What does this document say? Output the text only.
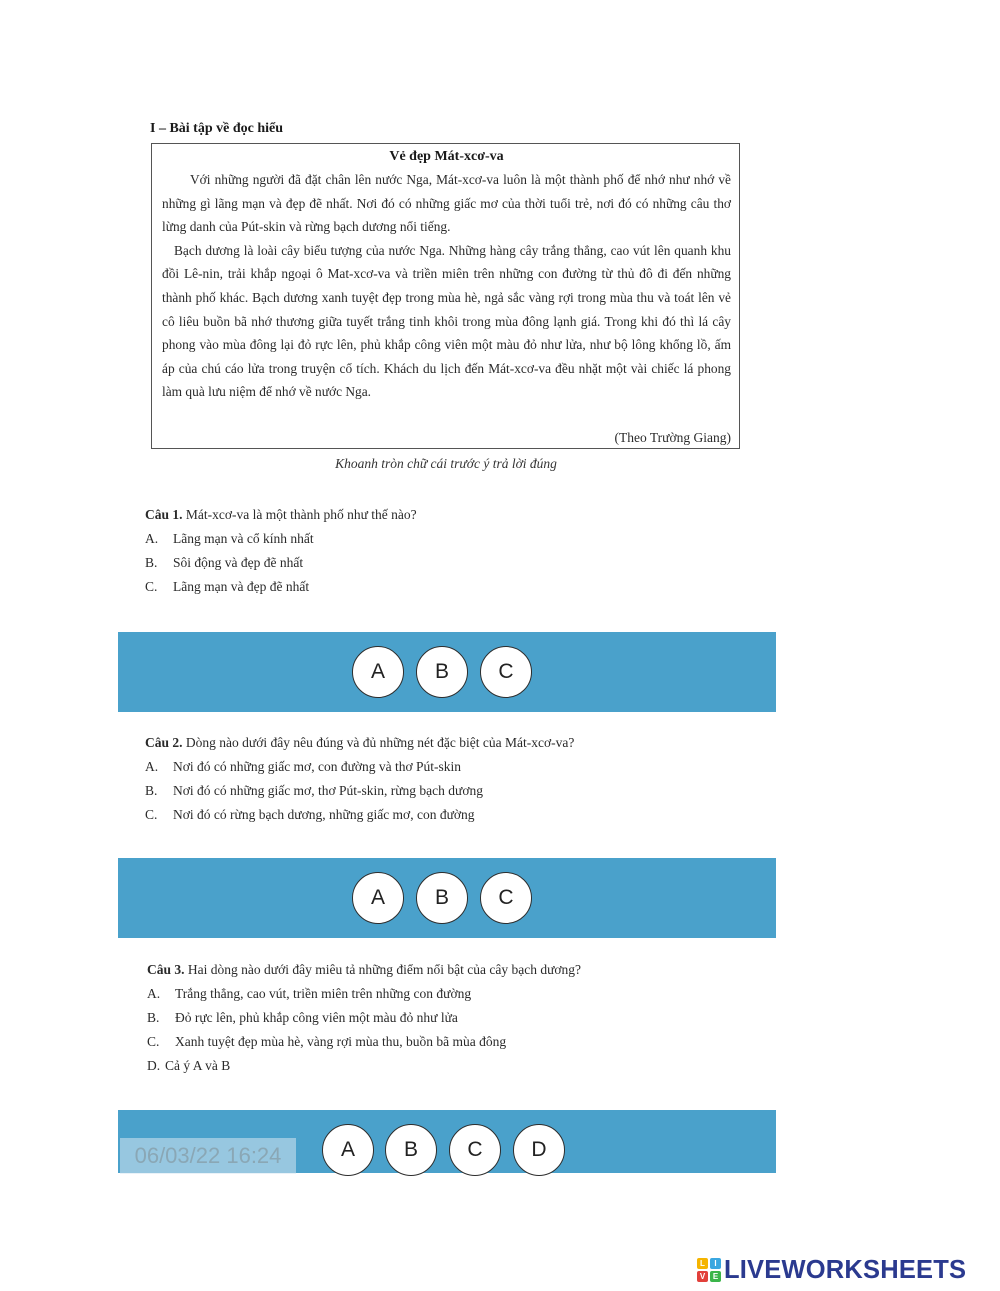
I – Bài tập về đọc hiểu
Vẻ đẹp Mát-xcơ-va

Với những người đã đặt chân lên nước Nga, Mát-xcơ-va luôn là một thành phố để nhớ như nhớ về những gì lãng mạn và đẹp đẽ nhất. Nơi đó có những giấc mơ của thời tuổi trẻ, nơi đó có những câu thơ lừng danh của Pút-skin và rừng bạch dương nổi tiếng.

Bạch dương là loài cây biểu tượng của nước Nga. Những hàng cây trắng thẳng, cao vút lên quanh khu đồi Lê-nin, trải khắp ngoại ô Mat-xcơ-va và triền miên trên những con đường từ thủ đô đi đến những thành phố khác. Bạch dương xanh tuyệt đẹp trong mùa hè, ngả sắc vàng rợi trong mùa thu và toát lên vẻ cô liêu buồn bã nhớ thương giữa tuyết trắng tinh khôi trong mùa đông lạnh giá. Trong khi đó thì lá cây phong vào mùa đông lại đỏ rực lên, phủ khắp công viên một màu đỏ như lửa, như bộ lông khổng lồ, ấm áp của chú cáo lửa trong truyện cổ tích. Khách du lịch đến Mát-xcơ-va đều nhặt một vài chiếc lá phong làm quà lưu niệm để nhớ về nước Nga.

(Theo Trường Giang)
Khoanh tròn chữ cái trước ý trả lời đúng
Câu 1. Mát-xcơ-va là một thành phố như thế nào?
A. Lãng mạn và cổ kính nhất
B. Sôi động và đẹp đẽ nhất
C. Lãng mạn và đẹp đẽ nhất
A	B	C
Câu 2. Dòng nào dưới đây nêu đúng và đủ những nét đặc biệt của Mát-xcơ-va?
A. Nơi đó có những giấc mơ, con đường và thơ Pút-skin
B. Nơi đó có những giấc mơ, thơ Pút-skin, rừng bạch dương
C. Nơi đó có rừng bạch dương, những giấc mơ, con đường
A	B	C
Câu 3. Hai dòng nào dưới đây miêu tả những điểm nổi bật của cây bạch dương?
A. Trắng thẳng, cao vút, triền miên trên những con đường
B. Đỏ rực lên, phủ khắp công viên một màu đỏ như lửa
C. Xanh tuyệt đẹp mùa hè, vàng rợi mùa thu, buồn bã mùa đông
D. Cả ý A và B
A	B	C	D
06/03/22 16:24
L	I
V E LIVEWORKSHEETS
